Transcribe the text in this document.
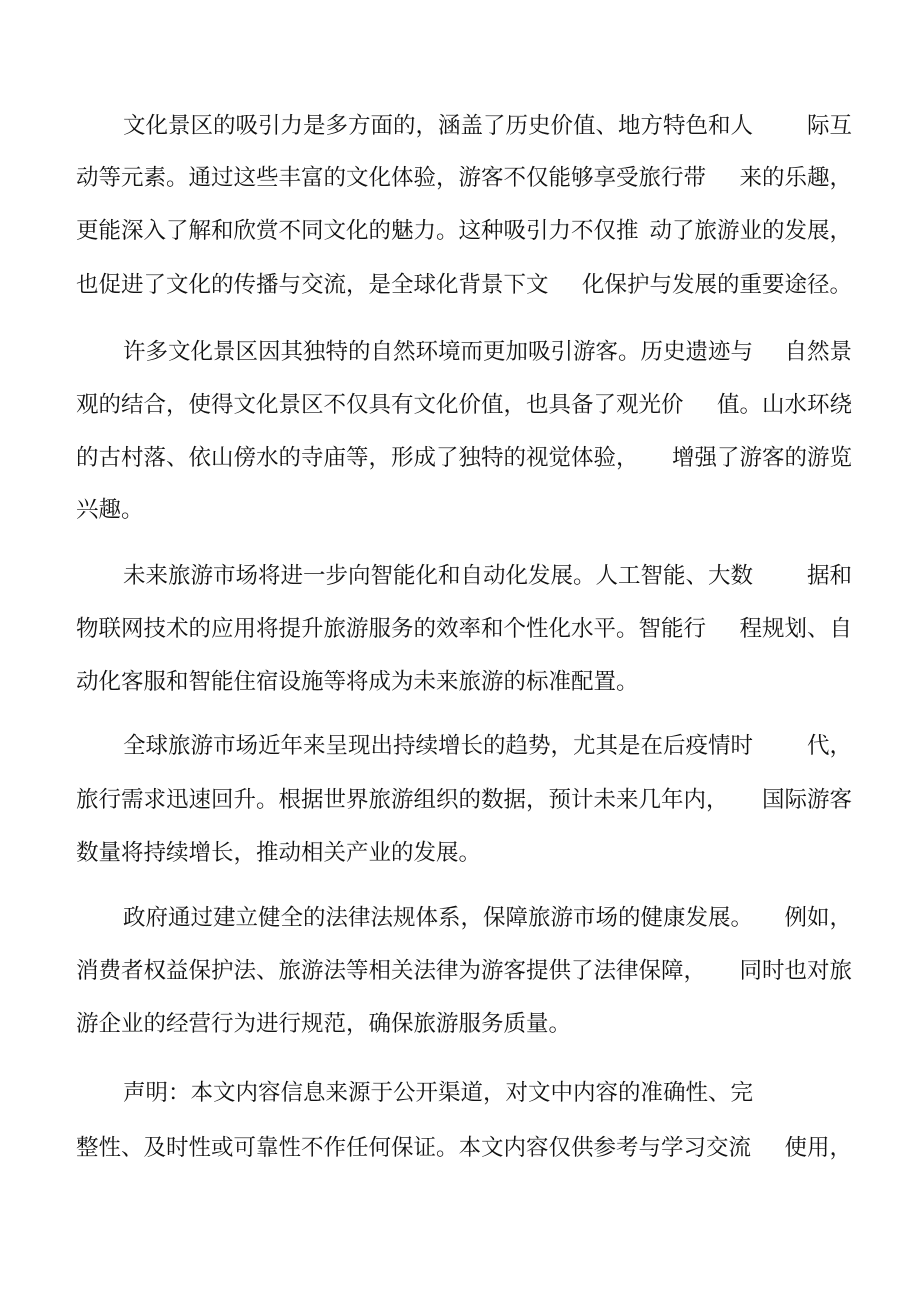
文化景区的吸引力是多方面的，涵盖了历史价值、地方特色和人 际互
动等元素。通过这些丰富的文化体验，游客不仅能够享受旅行带 来的乐趣，
更能深入了解和欣赏不同文化的魅力。这种吸引力不仅推 动了旅游业的发展，
也促进了文化的传播与交流，是全球化背景下文 化保护与发展的重要途径。
许多文化景区因其独特的自然环境而更加吸引游客。历史遗迹与 自然景
观的结合，使得文化景区不仅具有文化价值，也具备了观光价 值。山水环绕
的古村落、依山傍水的寺庙等，形成了独特的视觉体验， 增强了游客的游览
兴趣。
未来旅游市场将进一步向智能化和自动化发展。人工智能、大数 据和
物联网技术的应用将提升旅游服务的效率和个性化水平。智能行 程规划、自
动化客服和智能住宿设施等将成为未来旅游的标准配置。
全球旅游市场近年来呈现出持续增长的趋势，尤其是在后疫情时 代，
旅行需求迅速回升。根据世界旅游组织的数据，预计未来几年内， 国际游客
数量将持续增长，推动相关产业的发展。
政府通过建立健全的法律法规体系，保障旅游市场的健康发展。 例如，
消费者权益保护法、旅游法等相关法律为游客提供了法律保障， 同时也对旅
游企业的经营行为进行规范，确保旅游服务质量。
声明：本文内容信息来源于公开渠道，对文中内容的准确性、完
整性、及时性或可靠性不作任何保证。本文内容仅供参考与学习交流 使用，
